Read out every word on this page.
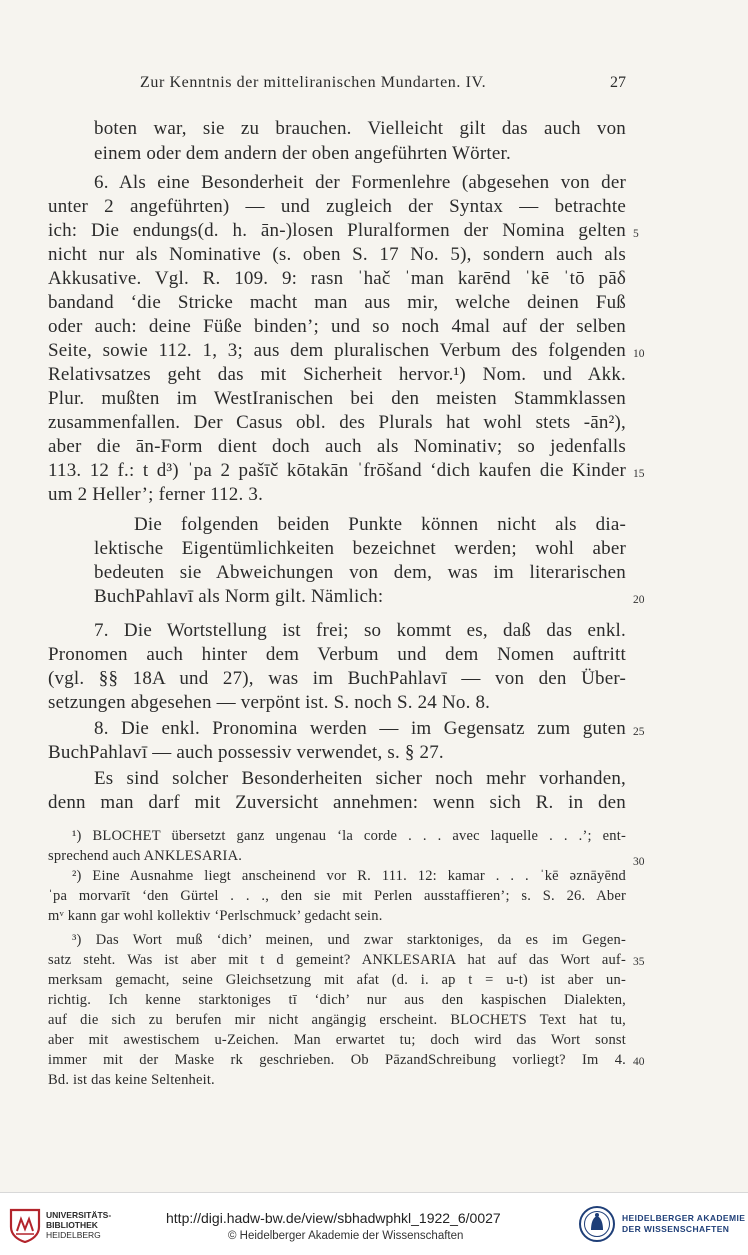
Zur Kenntnis der mitteliranischen Mundarten. IV.	27
boten war, sie zu brauchen. Vielleicht gilt das auch von
einem oder dem andern der oben angeführten Wörter.
6. Als eine Besonderheit der Formenlehre (abgesehen von der
unter 2 angeführten) — und zugleich der Syntax — betrachte
ich: Die endungs(d. h. ān-)losen Pluralformen der Nomina gelten
nicht nur als Nominative (s. oben S. 17 No. 5), sondern auch als
Akkusative. Vgl. R. 109. 9: rasn ˈhač ˈman karēnd ˈkē ˈtō pāδ
bandand ‘die Stricke macht man aus mir, welche deinen Fuß
oder auch: deine Füße binden’; und so noch 4mal auf der selben
Seite, sowie 112. 1, 3; aus dem pluralischen Verbum des folgenden
Relativsatzes geht das mit Sicherheit hervor.¹) Nom. und Akk.
Plur. mußten im WestIranischen bei den meisten Stammklassen
zusammenfallen. Der Casus obl. des Plurals hat wohl stets -ān²),
aber die ān-Form dient doch auch als Nominativ; so jedenfalls
113. 12 f.: t d³) ˈpa 2 pašīč kōtakān ˈfrōšand ‘dich kaufen die Kinder
um 2 Heller’; ferner 112. 3.
Die folgenden beiden Punkte können nicht als dia-
lektische Eigentümlichkeiten bezeichnet werden; wohl aber
bedeuten sie Abweichungen von dem, was im literarischen
BuchPahlavī als Norm gilt. Nämlich:
7. Die Wortstellung ist frei; so kommt es, daß das enkl.
Pronomen auch hinter dem Verbum und dem Nomen auftritt
(vgl. §§ 18A und 27), was im BuchPahlavī — von den Über-
setzungen abgesehen — verpönt ist. S. noch S. 24 No. 8.
8. Die enkl. Pronomina werden — im Gegensatz zum guten
BuchPahlavī — auch possessiv verwendet, s. § 27.
Es sind solcher Besonderheiten sicher noch mehr vorhanden,
denn man darf mit Zuversicht annehmen: wenn sich R. in den
¹) BLOCHET übersetzt ganz ungenau ‘la corde . . . avec laquelle . . .’; ent-
sprechend auch ANKLESARIA.
²) Eine Ausnahme liegt anscheinend vor R. 111. 12: kamar . . . ˈkē əznāyēnd
ˈpa morvarīt ‘den Gürtel . . ., den sie mit Perlen ausstaffieren’; s. S. 26. Aber
mᵛ kann gar wohl kollektiv ‘Perlschmuck’ gedacht sein.
³) Das Wort muß ‘dich’ meinen, und zwar starktoniges, da es im Gegen-
satz steht. Was ist aber mit t d gemeint? ANKLESARIA hat auf das Wort auf-
merksam gemacht, seine Gleichsetzung mit afat (d. i. ap t = u-t) ist aber un-
richtig. Ich kenne starktoniges tī ‘dich’ nur aus den kaspischen Dialekten,
auf die sich zu berufen mir nicht angängig erscheint. BLOCHETS Text hat tu,
aber mit awestischem u-Zeichen. Man erwartet tu; doch wird das Wort sonst
immer mit der Maske rk geschrieben. Ob PāzandSchreibung vorliegt? Im 4.
Bd. ist das keine Seltenheit.
5
10
15
20
25
30
35
40
UNIVERSITÄTS-
BIBLIOTHEK
HEIDELBERG
http://digi.hadw-bw.de/view/sbhadwphkl_1922_6/0027
© Heidelberger Akademie der Wissenschaften
HEIDELBERGER AKADEMIE
DER WISSENSCHAFTEN
